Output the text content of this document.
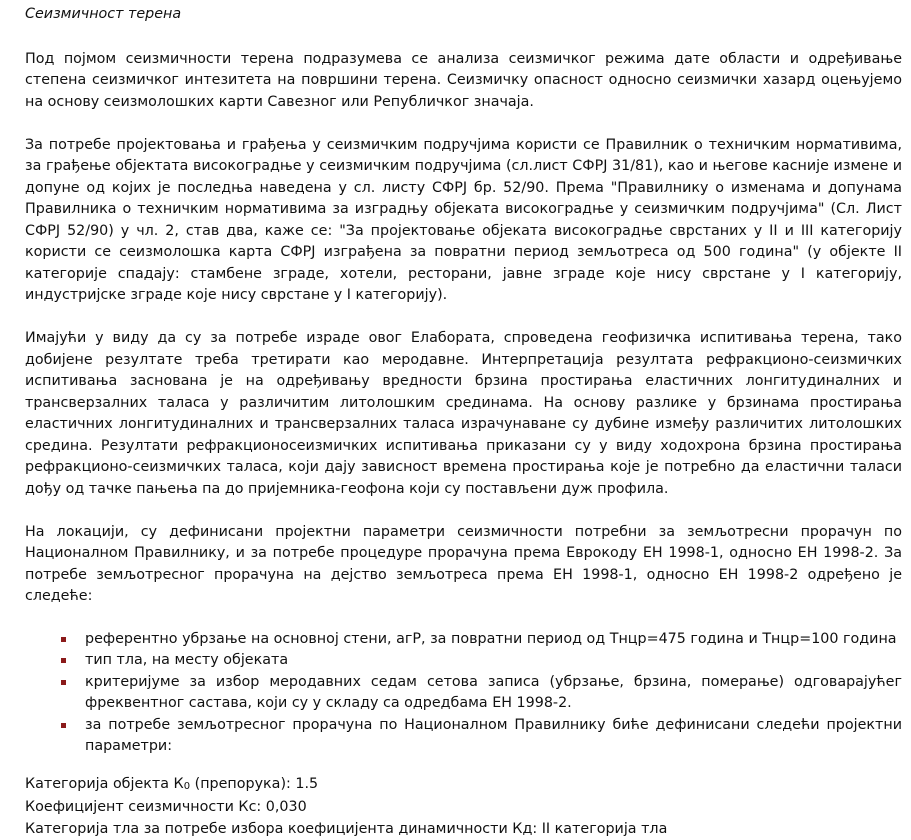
Сеизмичност терена

Под појмом сеизмичности терена подразумева се анализа сеизмичког режима дате области и одређивање степена сеизмичког интезитета на површини терена. Сеизмичку опасност односно сеизмички хазард оцењујемо на основу сеизмолошких карти Савезног или Републичког значаја.

За потребе пројектовања и грађења у сеизмичким подручјима користи се Правилник о техничким нормативима, за грађење објектата високоградње у сеизмичким подручјима (сл.лист СФРЈ 31/81), као и његове касније измене и допуне од којих је последња наведена у сл. листу СФРЈ бр. 52/90. Према "Правилнику о изменама и допунама Правилника о техничким нормативима за изградњу објеката високоградње у сеизмичким подручјима" (Сл. Лист СФРЈ 52/90) у чл. 2, став два, каже се: "За пројектовање објеката високоградње сврстаних у II и III категорију користи се сеизмолошка карта СФРЈ изграђена за повратни период земљотреса од 500 година" (у објекте II категорије спадају: стамбене зграде, хотели, ресторани, јавне зграде које нису сврстане у I категорију, индустријске зграде које нису сврстане у I категорију).

Имајући у виду да су за потребе израде овог Елабората, спроведена геофизичка испитивања терена, тако добијене резултате треба третирати као меродавне. Интерпретација резултата рефракционо-сеизмичких испитивања заснована је на одређивању вредности брзина простирања еластичних лонгитудиналних и трансверзалних таласа у различитим литолошким срединама. На основу разлике у брзинама простирања еластичних лонгитудиналних и трансверзалних таласа израчунаване су дубине између различитих литолошких средина. Резултати рефракционосеизмичких испитивања приказани су у виду ходохрона брзина простирања рефракционо-сеизмичких таласа, који дају зависност времена простирања које је потребно да еластични таласи дођу од тачке пањења па до пријемника-геофона који су постављени дуж профила.

На локацији, су дефинисани пројектни параметри сеизмичности потребни за земљотресни прорачун по Националном Правилнику, и за потребе процедуре прорачуна према Еврокоду ЕН 1998-1, односно ЕН 1998-2. За потребе земљотресног прорачуна на дејство земљотреса према ЕН 1998-1, односно ЕН 1998-2 одређено је следеће:

референтно убрзање на основној стени, агР, за повратни период од Тнцр=475 година и Тнцр=100 година
тип тла, на месту објеката
критеријуме за избор меродавних седам сетова записа (убрзање, брзина, померање) одговарајућег фреквентног састава, који су у складу са одредбама ЕН 1998-2.
за потребе земљотресног прорачуна по Националном Правилнику биће дефинисани следећи пројектни параметри:
Категорија објекта К0 (препорука): 1.5
Коефицијент сеизмичности Кс: 0,030
Категорија тла за потребе избора коефицијента динамичности Кд: II категорија тла
